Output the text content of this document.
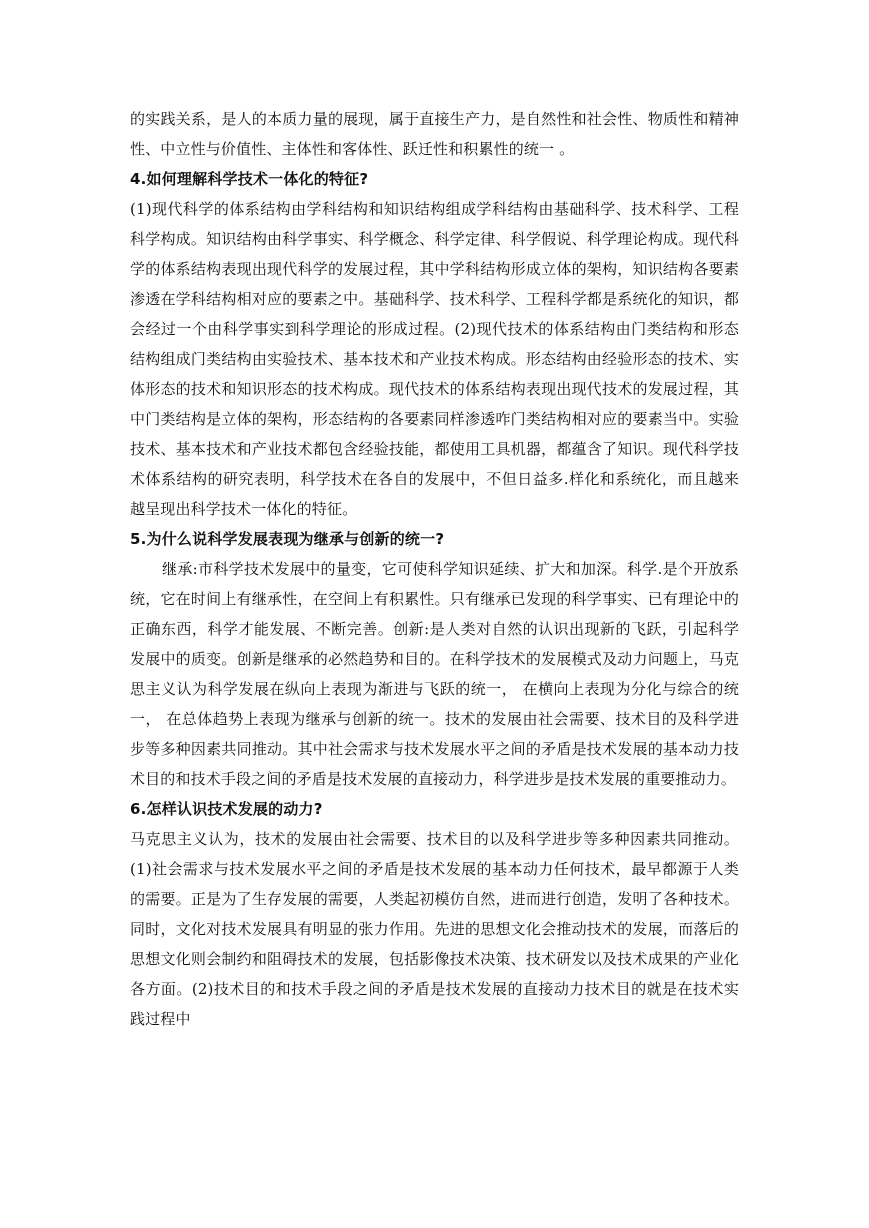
的实践关系，是人的本质力量的展现，属于直接生产力，是自然性和社会性、物质性和精神性、中立性与价值性、主体性和客体性、跃迁性和积累性的统一 。

4.如何理解科学技术一体化的特征?

(1)现代科学的体系结构由学科结构和知识结构组成学科结构由基础科学、技术科学、工程科学构成。知识结构由科学事实、科学概念、科学定律、科学假说、科学理论构成。现代科学的体系结构表现出现代科学的发展过程，其中学科结构形成立体的架构，知识结构各要素渗透在学科结构相对应的要素之中。基础科学、技术科学、工程科学都是系统化的知识，都会经过一个由科学事实到科学理论的形成过程。(2)现代技术的体系结构由门类结构和形态结构组成门类结构由实验技术、基本技术和产业技术构成。形态结构由经验形态的技术、实体形态的技术和知识形态的技术构成。现代技术的体系结构表现出现代技术的发展过程，其中门类结构是立体的架构，形态结构的各要素同样渗透咋门类结构相对应的要素当中。实验技术、基本技术和产业技术都包含经验技能，都使用工具机器，都蕴含了知识。现代科学技术体系结构的研究表明，科学技术在各自的发展中，不但日益多.样化和系统化，而且越来越呈现出科学技术一体化的特征。

5.为什么说科学发展表现为继承与创新的统一?

继承:市科学技术发展中的量变，它可使科学知识延续、扩大和加深。科学.是个开放系统，它在时间上有继承性，在空间上有积累性。只有继承已发现的科学事实、已有理论中的正确东西，科学才能发展、不断完善。创新:是人类对自然的认识出现新的飞跃，引起科学发展中的质变。创新是继承的必然趋势和目的。在科学技术的发展模式及动力问题上，马克思主义认为科学发展在纵向上表现为渐进与飞跃的统一， 在横向上表现为分化与综合的统一， 在总体趋势上表现为继承与创新的统一。技术的发展由社会需要、技术目的及科学进步等多种因素共同推动。其中社会需求与技术发展水平之间的矛盾是技术发展的基本动力技术目的和技术手段之间的矛盾是技术发展的直接动力，科学进步是技术发展的重要推动力。

6.怎样认识技术发展的动力?

马克思主义认为，技术的发展由社会需要、技术目的以及科学进步等多种因素共同推动。(1)社会需求与技术发展水平之间的矛盾是技术发展的基本动力任何技术，最早都源于人类的需要。正是为了生存发展的需要，人类起初模仿自然，进而进行创造，发明了各种技术。同时，文化对技术发展具有明显的张力作用。先进的思想文化会推动技术的发展，而落后的思想文化则会制约和阻碍技术的发展，包括影像技术决策、技术研发以及技术成果的产业化各方面。(2)技术目的和技术手段之间的矛盾是技术发展的直接动力技术目的就是在技术实践过程中
